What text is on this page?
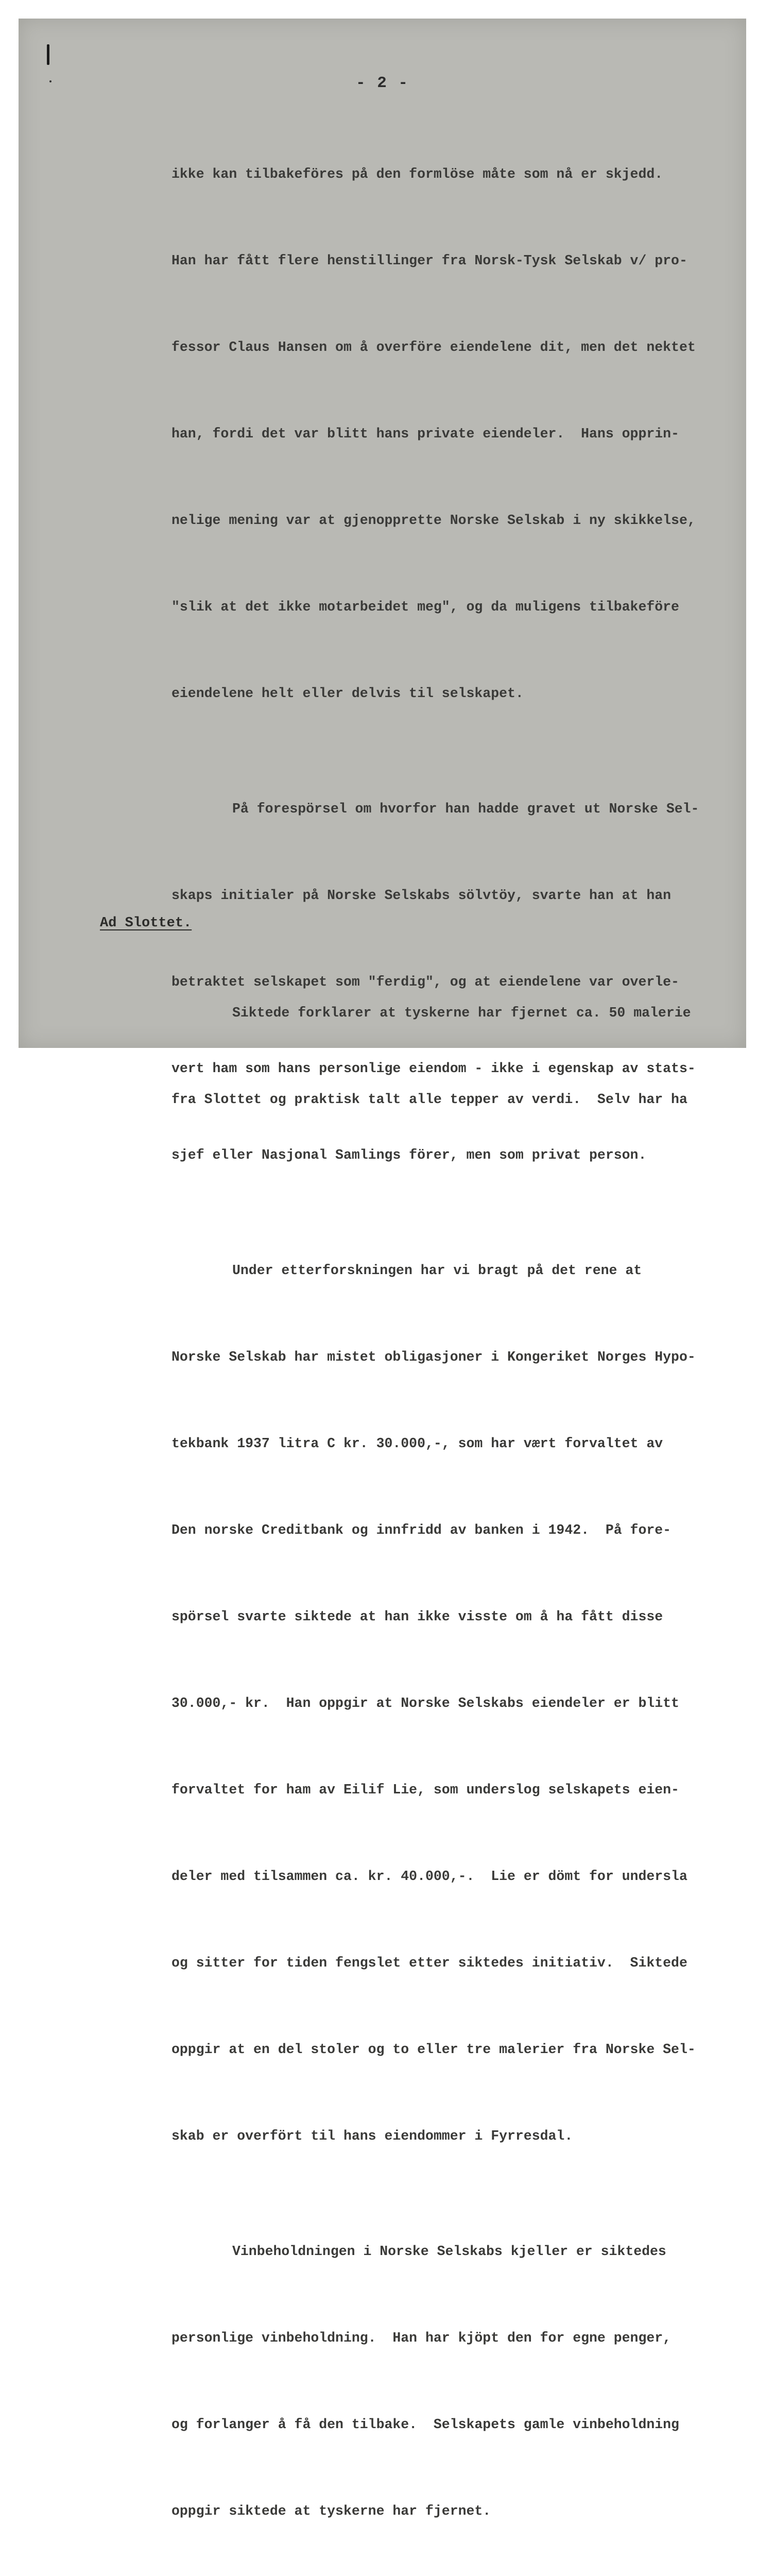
- 2 -

ikke kan tilbakeföres på den formlöse måte som nå er skjedd.

Han har fått flere henstillinger fra Norsk-Tysk Selskab v/ pro-

fessor Claus Hansen om å overföre eiendelene dit, men det nektet

han, fordi det var blitt hans private eiendeler.  Hans opprin-

nelige mening var at gjenopprette Norske Selskab i ny skikkelse,

"slik at det ikke motarbeidet meg", og da muligens tilbakeföre

eiendelene helt eller delvis til selskapet.

På forespörsel om hvorfor han hadde gravet ut Norske Sel-

skaps initialer på Norske Selskabs sölvtöy, svarte han at han

betraktet selskapet som "ferdig", og at eiendelene var overle-

vert ham som hans personlige eiendom - ikke i egenskap av stats-

sjef eller Nasjonal Samlings förer, men som privat person.

Under etterforskningen har vi bragt på det rene at

Norske Selskab har mistet obligasjoner i Kongeriket Norges Hypo-

tekbank 1937 litra C kr. 30.000,-, som har vært forvaltet av

Den norske Creditbank og innfridd av banken i 1942.  På fore-

spörsel svarte siktede at han ikke visste om å ha fått disse

30.000,- kr.  Han oppgir at Norske Selskabs eiendeler er blitt

forvaltet for ham av Eilif Lie, som underslog selskapets eien-

deler med tilsammen ca. kr. 40.000,-.  Lie er dömt for undersla

og sitter for tiden fengslet etter siktedes initiativ.  Siktede

oppgir at en del stoler og to eller tre malerier fra Norske Sel-

skab er overfört til hans eiendommer i Fyrresdal.

Vinbeholdningen i Norske Selskabs kjeller er siktedes

personlige vinbeholdning.  Han har kjöpt den for egne penger,

og forlanger å få den tilbake.  Selskapets gamle vinbeholdning

oppgir siktede at tyskerne har fjernet.

Ad Slottet.

Siktede forklarer at tyskerne har fjernet ca. 50 malerie

fra Slottet og praktisk talt alle tepper av verdi.  Selv har ha
